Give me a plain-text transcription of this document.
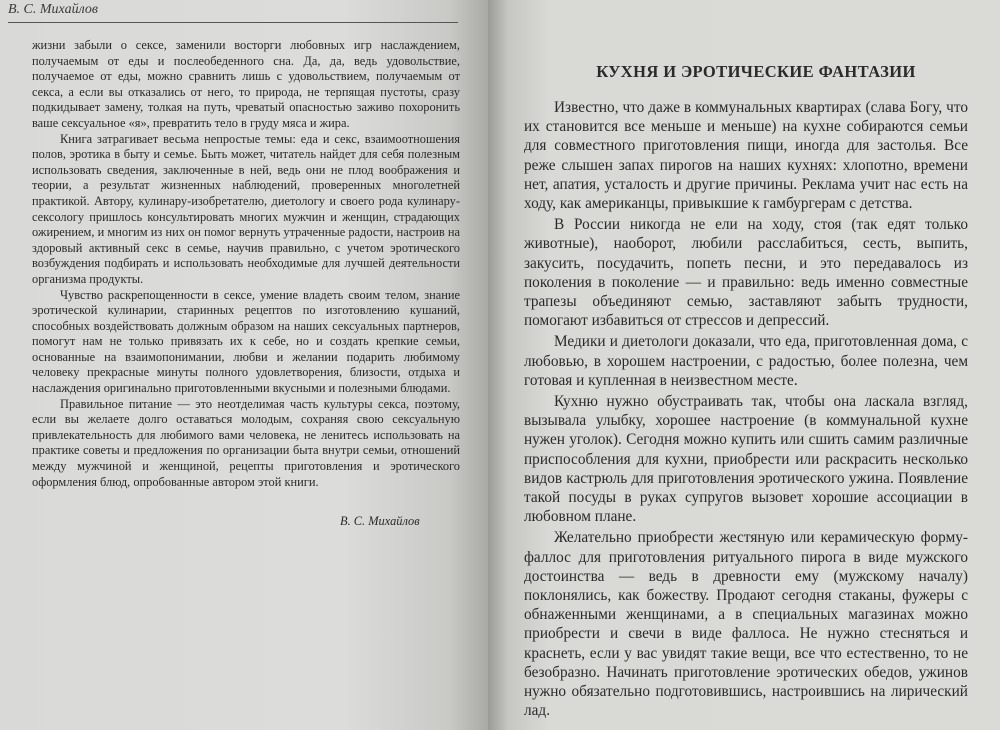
В. С. Михайлов

жизни забыли о сексе, заменили восторги любовных игр наслаждением, получаемым от еды и послеобеденного сна. Да, да, ведь удовольствие, получаемое от еды, можно сравнить лишь с удовольствием, получаемым от секса, а если вы отказались от него, то природа, не терпящая пустоты, сразу подкидывает замену, толкая на путь, чреватый опасностью заживо похоронить ваше сексуальное «я», превратить тело в груду мяса и жира.

Книга затрагивает весьма непростые темы: еда и секс, взаимоотношения полов, эротика в быту и семье. Быть может, читатель найдет для себя полезным использовать сведения, заключенные в ней, ведь они не плод воображения и теории, а результат жизненных наблюдений, проверенных многолетней практикой. Автору, кулинару-изобретателю, диетологу и своего рода кулинару-сексологу пришлось консультировать многих мужчин и женщин, страдающих ожирением, и многим из них он помог вернуть утраченные радости, настроив на здоровый активный секс в семье, научив правильно, с учетом эротического возбуждения подбирать и использовать необходимые для лучшей деятельности организма продукты.

Чувство раскрепощенности в сексе, умение владеть своим телом, знание эротической кулинарии, старинных рецептов по изготовлению кушаний, способных воздействовать должным образом на наших сексуальных партнеров, помогут нам не только привязать их к себе, но и создать крепкие семьи, основанные на взаимопонимании, любви и желании подарить любимому человеку прекрасные минуты полного удовлетворения, близости, отдыха и наслаждения оригинально приготовленными вкусными и полезными блюдами.

Правильное питание — это неотделимая часть культуры секса, поэтому, если вы желаете долго оставаться молодым, сохраняя свою сексуальную привлекательность для любимого вами человека, не ленитесь использовать на практике советы и предложения по организации быта внутри семьи, отношений между мужчиной и женщиной, рецепты приготовления и эротического оформления блюд, опробованные автором этой книги.

В. С. Михайлов
КУХНЯ И ЭРОТИЧЕСКИЕ ФАНТАЗИИ

Известно, что даже в коммунальных квартирах (слава Богу, что их становится все меньше и меньше) на кухне собираются семьи для совместного приготовления пищи, иногда для застолья. Все реже слышен запах пирогов на наших кухнях: хлопотно, времени нет, апатия, усталость и другие причины. Реклама учит нас есть на ходу, как американцы, привыкшие к гамбургерам с детства.

В России никогда не ели на ходу, стоя (так едят только животные), наоборот, любили расслабиться, сесть, выпить, закусить, посудачить, попеть песни, и это передавалось из поколения в поколение — и правильно: ведь именно совместные трапезы объединяют семью, заставляют забыть трудности, помогают избавиться от стрессов и депрессий.

Медики и диетологи доказали, что еда, приготовленная дома, с любовью, в хорошем настроении, с радостью, более полезна, чем готовая и купленная в неизвестном месте.

Кухню нужно обустраивать так, чтобы она ласкала взгляд, вызывала улыбку, хорошее настроение (в коммунальной кухне нужен уголок). Сегодня можно купить или сшить самим различные приспособления для кухни, приобрести или раскрасить несколько видов кастрюль для приготовления эротического ужина. Появление такой посуды в руках супругов вызовет хорошие ассоциации в любовном плане.

Желательно приобрести жестяную или керамическую форму-фаллос для приготовления ритуального пирога в виде мужского достоинства — ведь в древности ему (мужскому началу) поклонялись, как божеству. Продают сегодня стаканы, фужеры с обнаженными женщинами, а в специальных магазинах можно приобрести и свечи в виде фаллоса. Не нужно стесняться и краснеть, если у вас увидят такие вещи, все что естественно, то не безобразно. Начинать приготовление эротических обедов, ужинов нужно обязательно подготовившись, настроившись на лирический лад.
